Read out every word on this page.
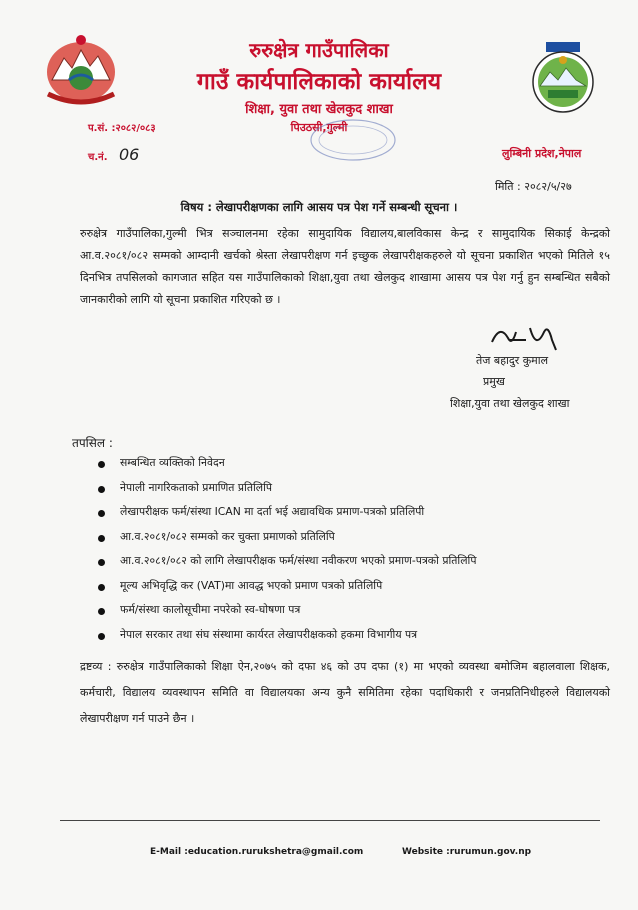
रुरुक्षेत्र गाउँपालिका
गाउँ कार्यपालिकाको कार्यालय
शिक्षा, युवा तथा खेलकुद शाखा
पिउठसी,गुल्मी
प.सं. :२०८२/०८३
च.नं. 06	लुम्बिनी प्रदेश,नेपाल
मिति : २०८२/५/२७
विषय : लेखापरीक्षणका लागि आसय पत्र पेश गर्ने सम्बन्धी सूचना ।
रुरुक्षेत्र गाउँपालिका,गुल्मी भित्र सञ्चालनमा रहेका सामुदायिक विद्यालय,बालविकास केन्द्र र सामुदायिक सिकाई केन्द्रको आ.व.२०८१/०८२ सम्मको आम्दानी खर्चको श्रेस्ता लेखापरीक्षण गर्न इच्छुक लेखापरीक्षकहरुले यो सूचना प्रकाशित भएको मितिले १५ दिनभित्र तपसिलको कागजात सहित यस गाउँपालिकाको शिक्षा,युवा तथा खेलकुद शाखामा आसय पत्र पेश गर्नु हुन सम्बन्धित सबैको जानकारीको लागि यो सूचना प्रकाशित गरिएको छ ।
तेज बहादुर कुमाल
प्रमुख
शिक्षा,युवा तथा खेलकुद शाखा
तपसिल :
सम्बन्धित व्यक्तिको निवेदन
नेपाली नागरिकताको प्रमाणित प्रतिलिपि
लेखापरीक्षक फर्म/संस्था ICAN मा दर्ता भई अद्यावधिक प्रमाण-पत्रको प्रतिलिपी
आ.व.२०८१/०८२ सम्मको कर चुक्ता प्रमाणको प्रतिलिपि
आ.व.२०८१/०८२ को लागि लेखापरीक्षक फर्म/संस्था नवीकरण भएको प्रमाण-पत्रको प्रतिलिपि
मूल्य अभिवृद्धि कर (VAT)मा आवद्ध भएको प्रमाण पत्रको प्रतिलिपि
फर्म/संस्था कालोसूचीमा नपरेको स्व-घोषणा पत्र
नेपाल सरकार तथा संघ संस्थामा कार्यरत लेखापरीक्षकको हकमा विभागीय पत्र
द्रष्टव्य : रुरुक्षेत्र गाउँपालिकाको शिक्षा ऐन,२०७५ को दफा ४६ को उप दफा (१) मा भएको व्यवस्था बमोजिम बहालवाला शिक्षक, कर्मचारी, विद्यालय व्यवस्थापन समिति वा विद्यालयका अन्य कुनै समितिमा रहेका पदाधिकारी र जनप्रतिनिधीहरुले विद्यालयको लेखापरीक्षण गर्न पाउने छैन ।
E-Mail :education.rurukshetra@gmail.com	Website :rurumun.gov.np
